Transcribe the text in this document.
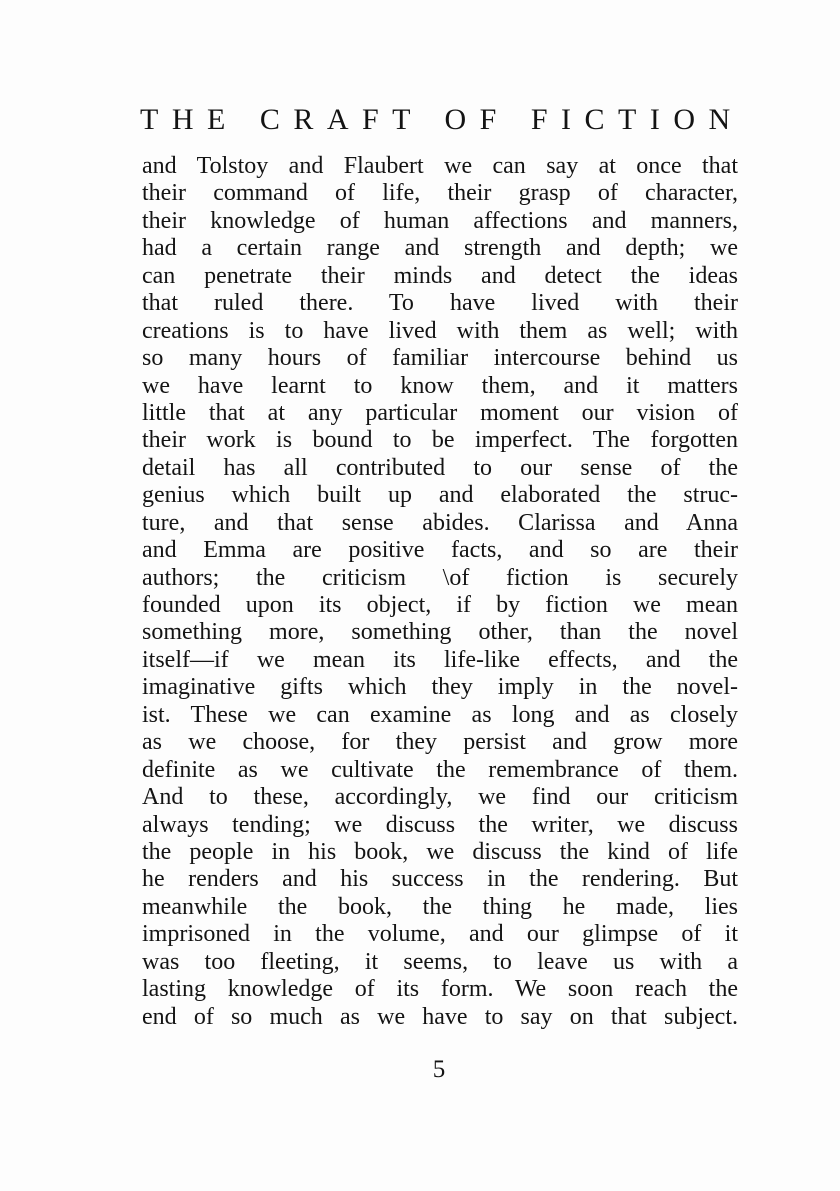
THE CRAFT OF FICTION
and Tolstoy and Flaubert we can say at once that
their command of life, their grasp of character,
their knowledge of human affections and manners,
had a certain range and strength and depth; we
can penetrate their minds and detect the ideas
that ruled there. To have lived with their
creations is to have lived with them as well; with
so many hours of familiar intercourse behind us
we have learnt to know them, and it matters
little that at any particular moment our vision of
their work is bound to be imperfect. The forgotten
detail has all contributed to our sense of the
genius which built up and elaborated the struc-
ture, and that sense abides. Clarissa and Anna
and Emma are positive facts, and so are their
authors; the criticism \of fiction is securely
founded upon its object, if by fiction we mean
something more, something other, than the novel
itself—if we mean its life-like effects, and the
imaginative gifts which they imply in the novel-
ist. These we can examine as long and as closely
as we choose, for they persist and grow more
definite as we cultivate the remembrance of them.
And to these, accordingly, we find our criticism
always tending; we discuss the writer, we discuss
the people in his book, we discuss the kind of life
he renders and his success in the rendering. But
meanwhile the book, the thing he made, lies
imprisoned in the volume, and our glimpse of it
was too fleeting, it seems, to leave us with a
lasting knowledge of its form. We soon reach the
end of so much as we have to say on that subject.
5
